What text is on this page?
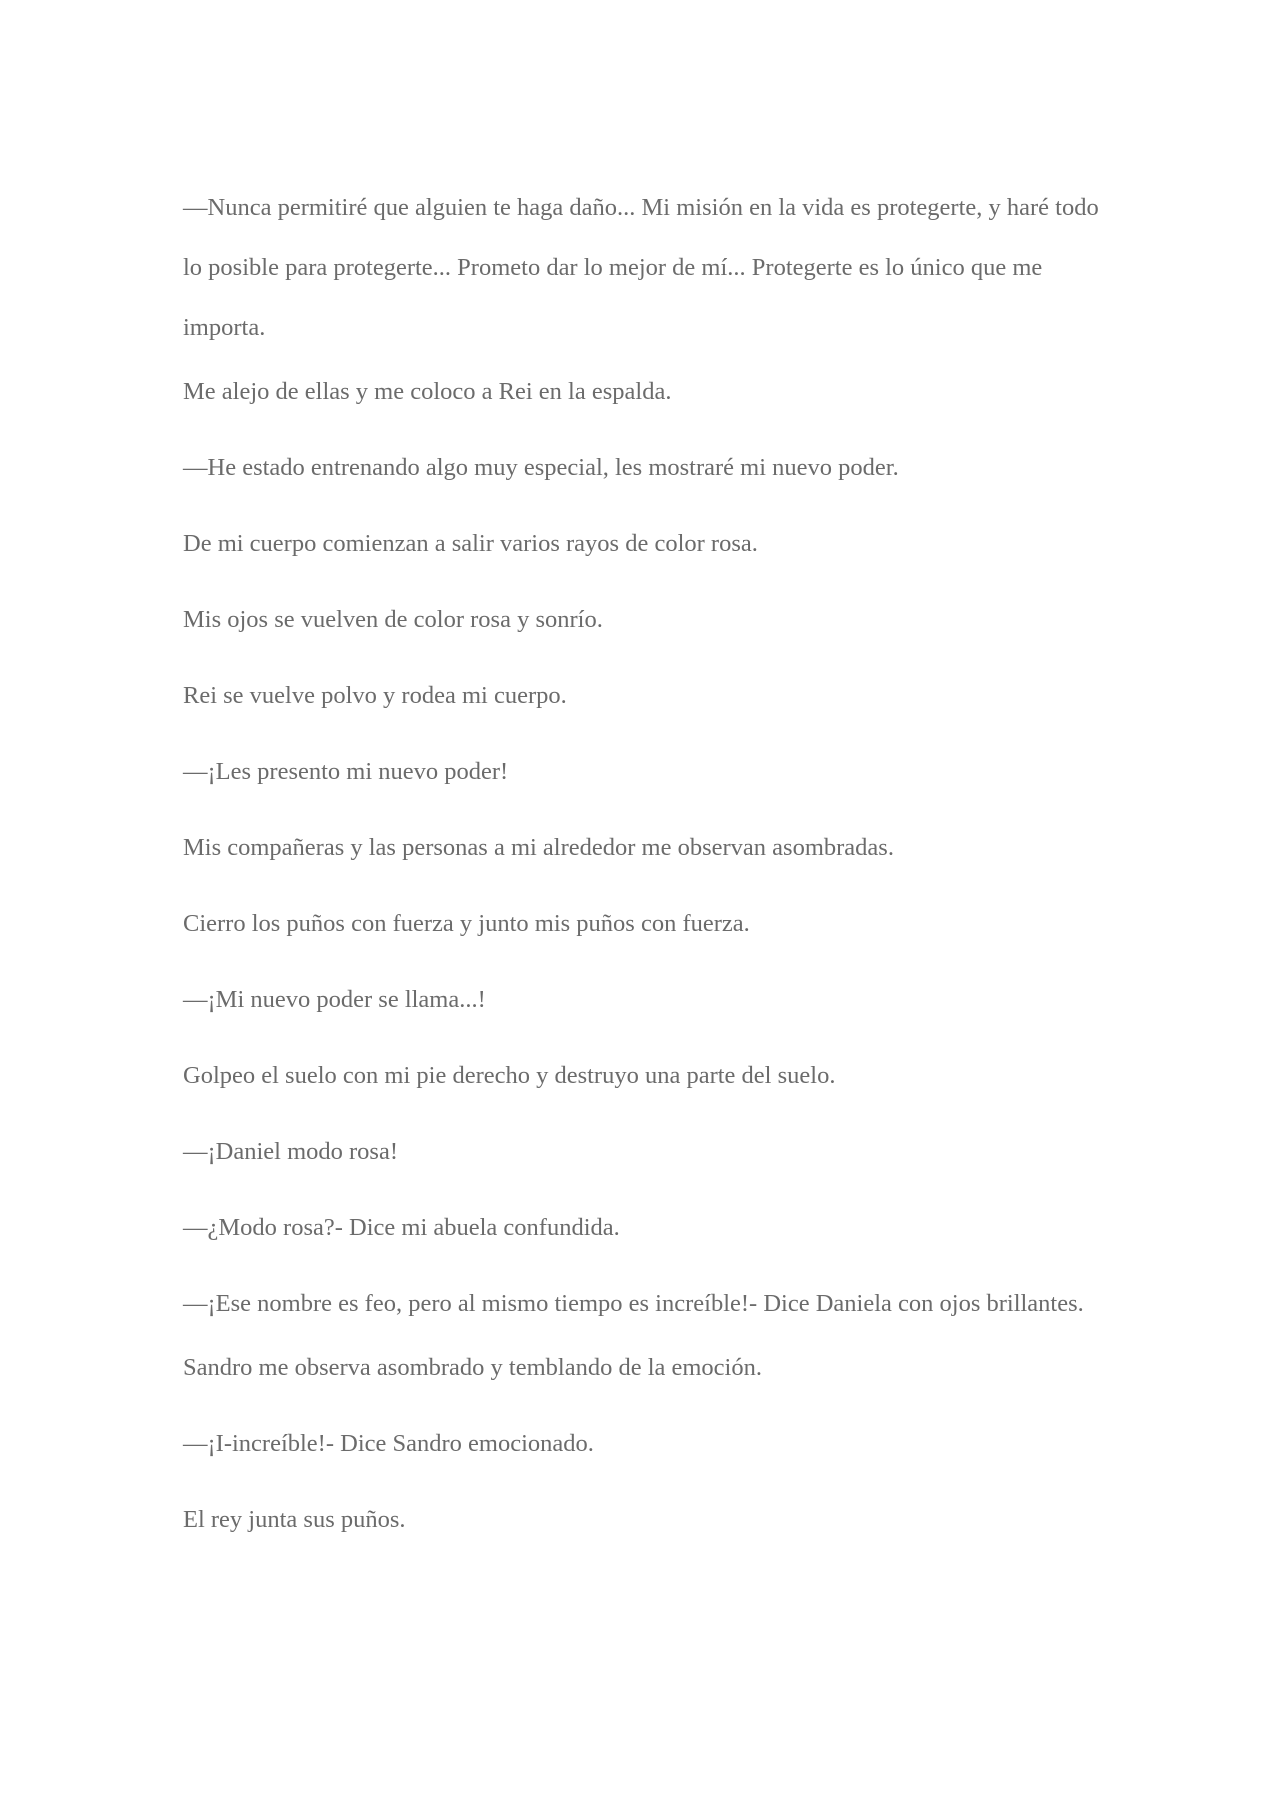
—Nunca permitiré que alguien te haga daño... Mi misión en la vida es protegerte, y haré todo lo posible para protegerte... Prometo dar lo mejor de mí... Protegerte es lo único que me importa.

Me alejo de ellas y me coloco a Rei en la espalda.

—He estado entrenando algo muy especial, les mostraré mi nuevo poder.

De mi cuerpo comienzan a salir varios rayos de color rosa.

Mis ojos se vuelven de color rosa y sonrío.

Rei se vuelve polvo y rodea mi cuerpo.

—¡Les presento mi nuevo poder!

Mis compañeras y las personas a mi alrededor me observan asombradas.

Cierro los puños con fuerza y junto mis puños con fuerza.

—¡Mi nuevo poder se llama...!

Golpeo el suelo con mi pie derecho y destruyo una parte del suelo.

—¡Daniel modo rosa!

—¿Modo rosa?- Dice mi abuela confundida.

—¡Ese nombre es feo, pero al mismo tiempo es increíble!- Dice Daniela con ojos brillantes.

Sandro me observa asombrado y temblando de la emoción.

—¡I-increíble!- Dice Sandro emocionado.

El rey junta sus puños.
